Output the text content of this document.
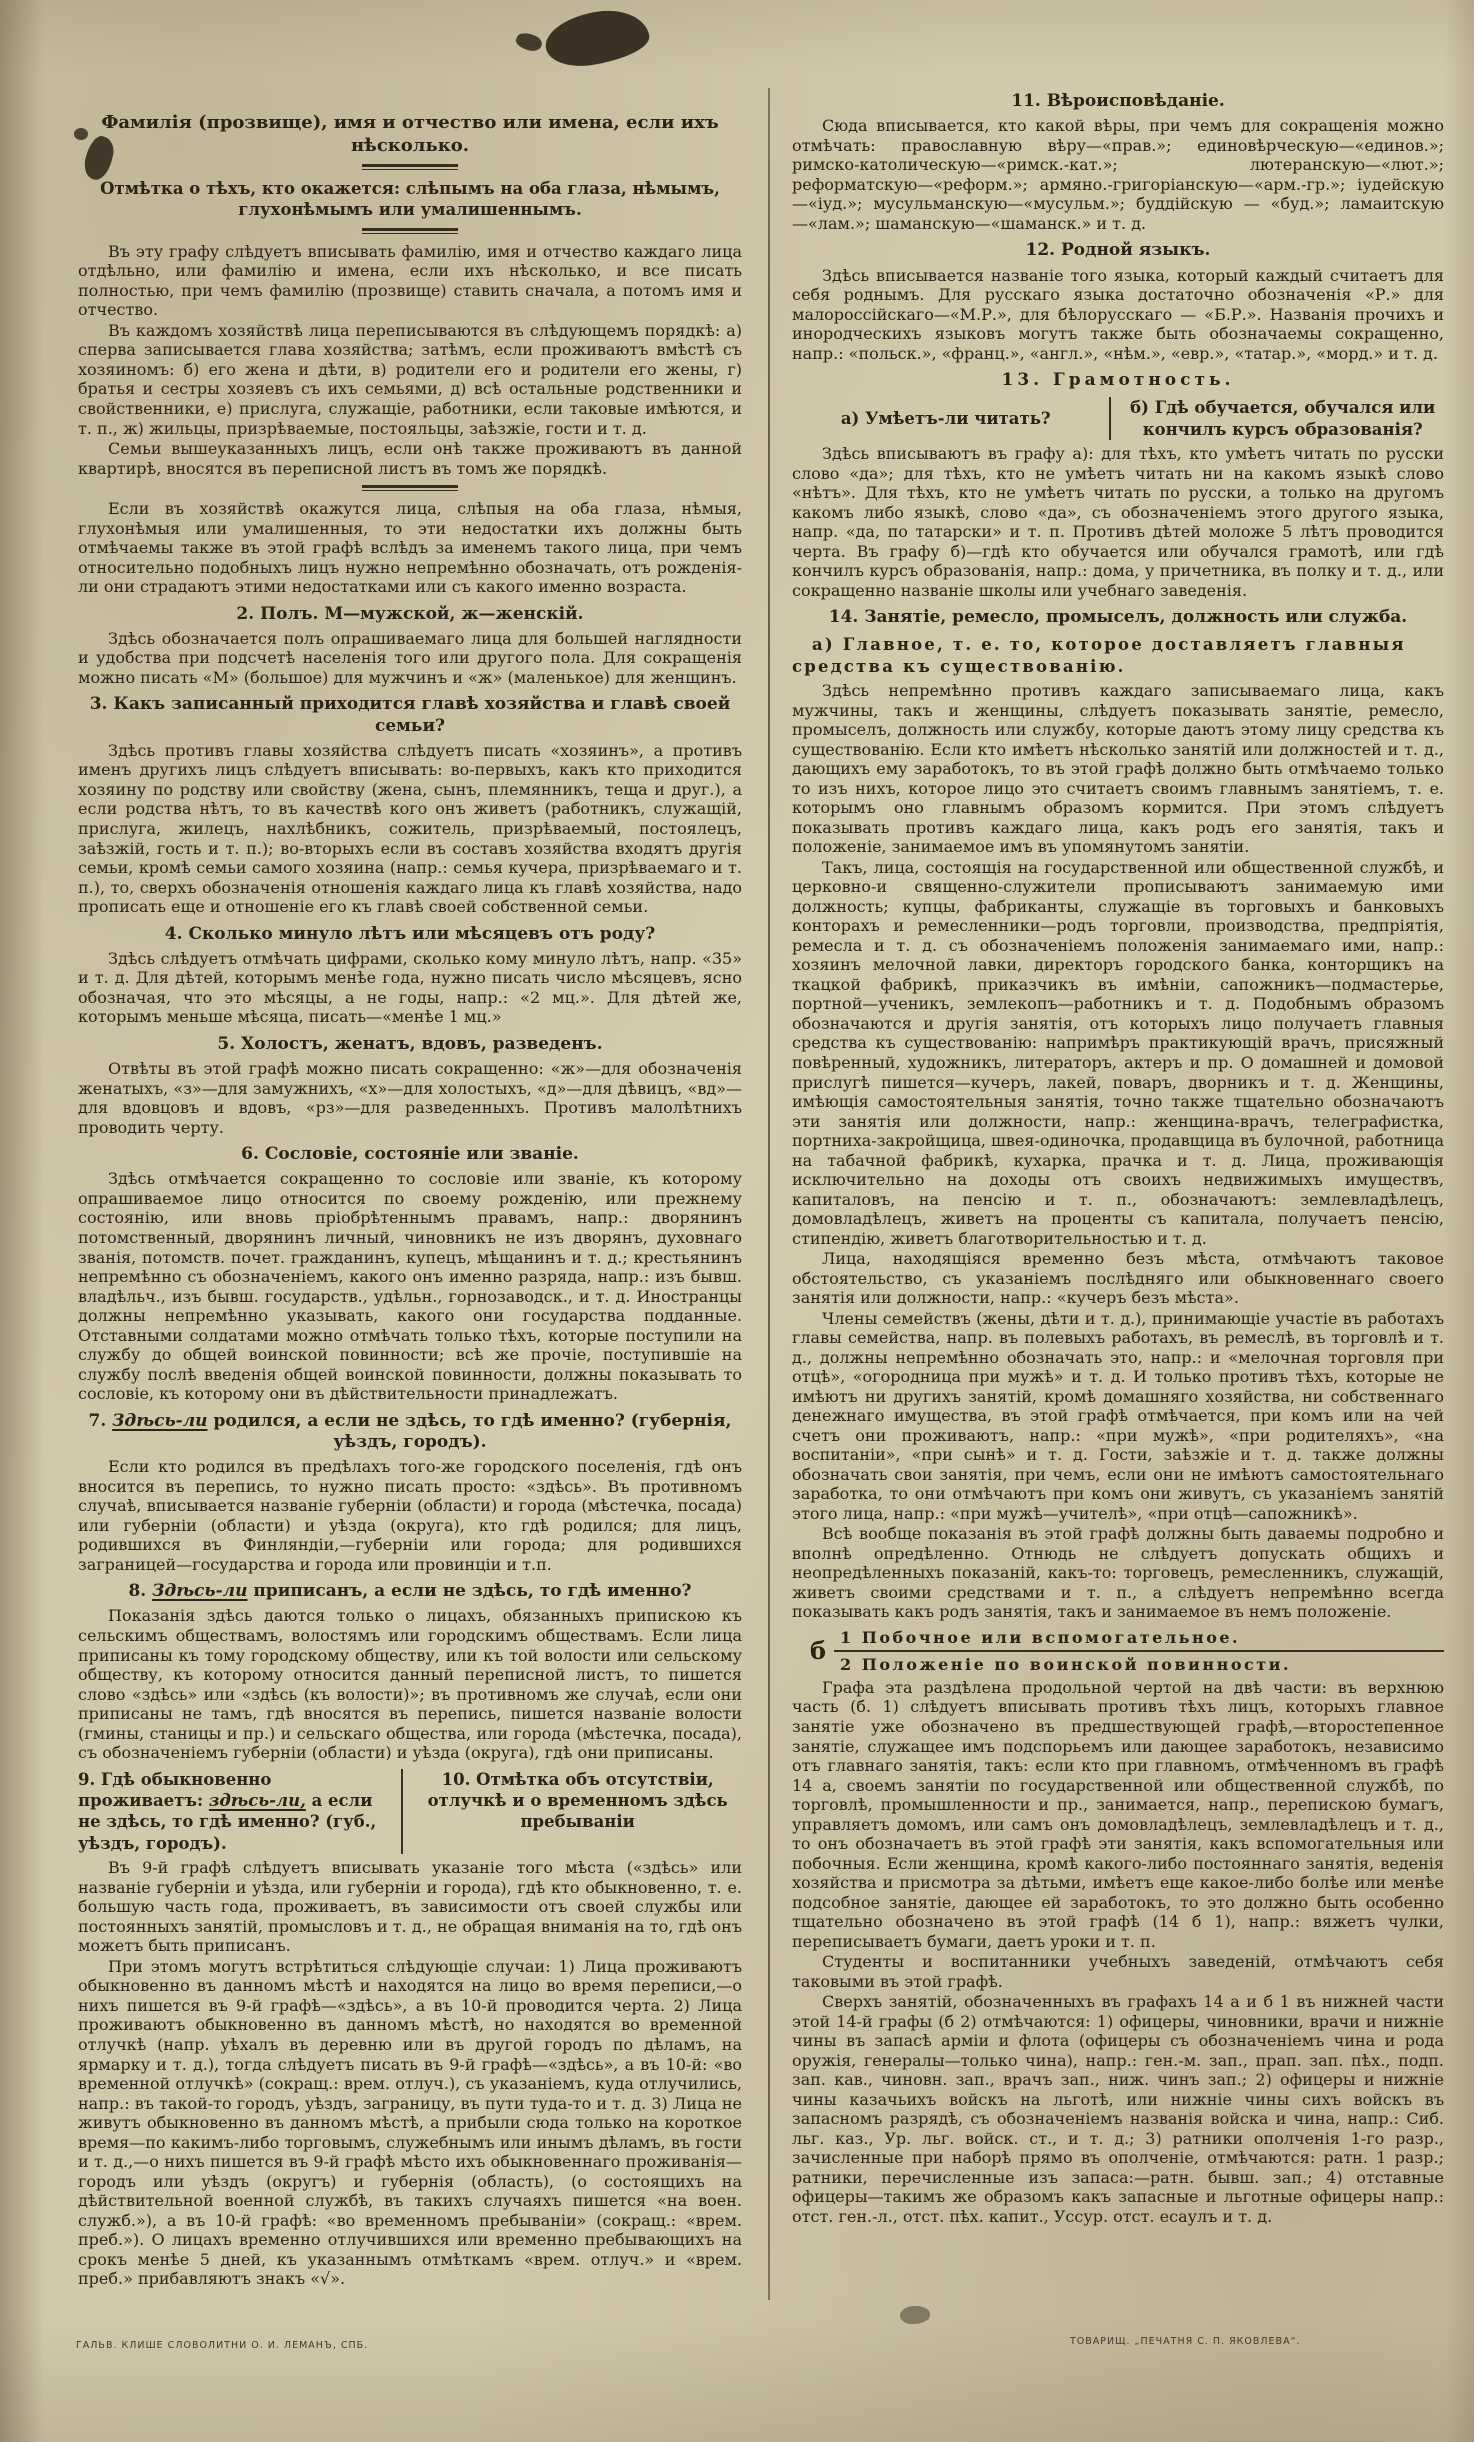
Фамилія (прозвище), имя и отчество или имена, если ихъ нѣсколько.
Отмѣтка о тѣхъ, кто окажется: слѣпымъ на оба глаза, нѣмымъ, глухонѣмымъ или умалишеннымъ.

Въ эту графу слѣдуетъ вписывать фамилію, имя и отчество каждаго лица отдѣльно, или фамилію и имена, если ихъ нѣсколько, и все писать полностью, при чемъ фамилію (прозвище) ставить сначала, а потомъ имя и отчество.

Въ каждомъ хозяйствѣ лица переписываются въ слѣдующемъ порядкѣ: а) сперва записывается глава хозяйства; затѣмъ, если проживаютъ вмѣстѣ съ хозяиномъ: б) его жена и дѣти, в) родители его и родители его жены, г) братья и сестры хозяевъ съ ихъ семьями, д) всѣ остальные родственники и свойственники, е) прислуга, служащіе, работники, если таковые имѣются, и т. п., ж) жильцы, призрѣваемые, постояльцы, заѣзжіе, гости и т. д.

Семьи вышеуказанныхъ лицъ, если онѣ также проживаютъ въ данной квартирѣ, вносятся въ переписной листъ въ томъ же порядкѣ.

Если въ хозяйствѣ окажутся лица, слѣпыя на оба глаза, нѣмыя, глухонѣмыя или умалишенныя, то эти недостатки ихъ должны быть отмѣчаемы также въ этой графѣ вслѣдъ за именемъ такого лица, при чемъ относительно подобныхъ лицъ нужно непремѣнно обозначать, отъ рожденія-ли они страдаютъ этими недостатками или съ какого именно возраста.

2. Полъ. М—мужской, ж—женскій.

Здѣсь обозначается полъ опрашиваемаго лица для большей наглядности и удобства при подсчетѣ населенія того или другого пола. Для сокращенія можно писать «М» (большое) для мужчинъ и «ж» (маленькое) для женщинъ.

3. Какъ записанный приходится главѣ хозяйства и главѣ своей семьи?

Здѣсь противъ главы хозяйства слѣдуетъ писать «хозяинъ», а противъ именъ другихъ лицъ слѣдуетъ вписывать: во-первыхъ, какъ кто приходится хозяину по родству или свойству (жена, сынъ, племянникъ, теща и друг.), а если родства нѣтъ, то въ качествѣ кого онъ живетъ (работникъ, служащій, прислуга, жилецъ, нахлѣбникъ, сожитель, призрѣваемый, постоялецъ, заѣзжій, гость и т. п.); во-вторыхъ если въ составъ хозяйства входятъ другія семьи, кромѣ семьи самого хозяина (напр.: семья кучера, призрѣваемаго и т. п.), то, сверхъ обозначенія отношенія каждаго лица къ главѣ хозяйства, надо прописать еще и отношеніе его къ главѣ своей собственной семьи.

4. Сколько минуло лѣтъ или мѣсяцевъ отъ роду?

Здѣсь слѣдуетъ отмѣчать цифрами, сколько кому минуло лѣтъ, напр. «35» и т. д. Для дѣтей, которымъ менѣе года, нужно писать число мѣсяцевъ, ясно обозначая, что это мѣсяцы, а не годы, напр.: «2 мц.». Для дѣтей же, которымъ меньше мѣсяца, писать—«менѣе 1 мц.»

5. Холостъ, женатъ, вдовъ, разведенъ.

Отвѣты въ этой графѣ можно писать сокращенно: «ж»—для обозначенія женатыхъ, «з»—для замужнихъ, «х»—для холостыхъ, «д»—для дѣвицъ, «вд»—для вдовцовъ и вдовъ, «рз»—для разведенныхъ. Противъ малолѣтнихъ проводить черту.

6. Сословіе, состояніе или званіе.

Здѣсь отмѣчается сокращенно то сословіе или званіе, къ которому опрашиваемое лицо относится по своему рожденію, или прежнему состоянію, или вновь пріобрѣтеннымъ правамъ, напр.: дворянинъ потомственный, дворянинъ личный, чиновникъ не изъ дворянъ, духовнаго званія, потомств. почет. гражданинъ, купецъ, мѣщанинъ и т. д.; крестьянинъ непремѣнно съ обозначеніемъ, какого онъ именно разряда, напр.: изъ бывш. владѣльч., изъ бывш. государств., удѣльн., горнозаводск., и т. д. Иностранцы должны непремѣнно указывать, какого они государства подданные. Отставными солдатами можно отмѣчать только тѣхъ, которые поступили на службу до общей воинской повинности; всѣ же прочіе, поступившіе на службу послѣ введенія общей воинской повинности, должны показывать то сословіе, къ которому они въ дѣйствительности принадлежатъ.

7. Здѣсь-ли родился, а если не здѣсь, то гдѣ именно? (губернія, уѣздъ, городъ).

Если кто родился въ предѣлахъ того-же городского поселенія, гдѣ онъ вносится въ перепись, то нужно писать просто: «здѣсь». Въ противномъ случаѣ, вписывается названіе губерніи (области) и города (мѣстечка, посада) или губерніи (области) и уѣзда (округа), кто гдѣ родился; для лицъ, родившихся въ Финляндіи,—губерніи или города; для родившихся заграницей—государства и города или провинціи и т.п.

8. Здѣсь-ли приписанъ, а если не здѣсь, то гдѣ именно?

Показанія здѣсь даются только о лицахъ, обязанныхъ припискою къ сельскимъ обществамъ, волостямъ или городскимъ обществамъ. Если лица приписаны къ тому городскому обществу, или къ той волости или сельскому обществу, къ которому относится данный переписной листъ, то пишется слово «здѣсь» или «здѣсь (къ волости)»; въ противномъ же случаѣ, если они приписаны не тамъ, гдѣ вносятся въ перепись, пишется названіе волости (гмины, станицы и пр.) и сельскаго общества, или города (мѣстечка, посада), съ обозначеніемъ губерніи (области) и уѣзда (округа), гдѣ они приписаны.

9. Гдѣ обыкновенно проживаетъ: здѣсь-ли, а если не здѣсь, то гдѣ именно? (губ., уѣздъ, городъ).
10. Отмѣтка объ отсутствіи, отлучкѣ и о временномъ здѣсь пребываніи

Въ 9-й графѣ слѣдуетъ вписывать указаніе того мѣста («здѣсь» или названіе губерніи и уѣзда, или губерніи и города), гдѣ кто обыкновенно, т. е. большую часть года, проживаетъ, въ зависимости отъ своей службы или постоянныхъ занятій, промысловъ и т. д., не обращая вниманія на то, гдѣ онъ можетъ быть приписанъ.

При этомъ могутъ встрѣтиться слѣдующіе случаи: 1) Лица проживаютъ обыкновенно въ данномъ мѣстѣ и находятся на лицо во время переписи,—о нихъ пишется въ 9-й графѣ—«здѣсь», а въ 10-й проводится черта. 2) Лица проживаютъ обыкновенно въ данномъ мѣстѣ, но находятся во временной отлучкѣ (напр. уѣхалъ въ деревню или въ другой городъ по дѣламъ, на ярмарку и т. д.), тогда слѣдуетъ писать въ 9-й графѣ—«здѣсь», а въ 10-й: «во временной отлучкѣ» (сокращ.: врем. отлуч.), съ указаніемъ, куда отлучились, напр.: въ такой-то городъ, уѣздъ, заграницу, въ пути туда-то и т. д. 3) Лица не живутъ обыкновенно въ данномъ мѣстѣ, а прибыли сюда только на короткое время—по какимъ-либо торговымъ, служебнымъ или инымъ дѣламъ, въ гости и т. д.,—о нихъ пишется въ 9-й графѣ мѣсто ихъ обыкновеннаго проживанія—городъ или уѣздъ (округъ) и губернія (область), (о состоящихъ на дѣйствительной военной службѣ, въ такихъ случаяхъ пишется «на воен. служб.»), а въ 10-й графѣ: «во временномъ пребываніи» (сокращ.: «врем. преб.»). О лицахъ временно отлучившихся или временно пребывающихъ на срокъ менѣе 5 дней, къ указаннымъ отмѣткамъ «врем. отлуч.» и «врем. преб.» прибавляютъ знакъ «√».

11. Вѣроисповѣданіе.

Сюда вписывается, кто какой вѣры, при чемъ для сокращенія можно отмѣчать: православную вѣру—«прав.»; единовѣрческую—«единов.»; римско-католическую—«римск.-кат.»; лютеранскую—«лют.»; реформатскую—«реформ.»; армяно.-григоріанскую—«арм.-гр.»; іудейскую—«іуд.»; мусульманскую—«мусульм.»; буддійскую — «буд.»; ламаитскую—«лам.»; шаманскую—«шаманск.» и т. д.

12. Родной языкъ.

Здѣсь вписывается названіе того языка, который каждый считаетъ для себя роднымъ. Для русскаго языка достаточно обозначенія «Р.» для малороссійскаго—«М.Р.», для бѣлорусскаго — «Б.Р.». Названія прочихъ и инородческихъ языковъ могутъ также быть обозначаемы сокращенно, напр.: «польск.», «франц.», «англ.», «нѣм.», «евр.», «татар.», «морд.» и т. д.

13. Грамотность.
а) Умѣетъ-ли читать?
б) Гдѣ обучается, обучался или кончилъ курсъ образованія?

Здѣсь вписываютъ въ графу а): для тѣхъ, кто умѣетъ читать по русски слово «да»; для тѣхъ, кто не умѣетъ читать ни на какомъ языкѣ слово «нѣтъ». Для тѣхъ, кто не умѣетъ читать по русски, а только на другомъ какомъ либо языкѣ, слово «да», съ обозначеніемъ этого другого языка, напр. «да, по татарски» и т. п. Противъ дѣтей моложе 5 лѣтъ проводится черта. Въ графу б)—гдѣ кто обучается или обучался грамотѣ, или гдѣ кончилъ курсъ образованія, напр.: дома, у причетника, въ полку и т. д., или сокращенно названіе школы или учебнаго заведенія.

14. Занятіе, ремесло, промыселъ, должность или служба.
а) Главное, т. е. то, которое доставляетъ главныя средства къ существованію.

Здѣсь непремѣнно противъ каждаго записываемаго лица, какъ мужчины, такъ и женщины, слѣдуетъ показывать занятіе, ремесло, промыселъ, должность или службу, которые даютъ этому лицу средства къ существованію. Если кто имѣетъ нѣсколько занятій или должностей и т. д., дающихъ ему заработокъ, то въ этой графѣ должно быть отмѣчаемо только то изъ нихъ, которое лицо это считаетъ своимъ главнымъ занятіемъ, т. е. которымъ оно главнымъ образомъ кормится. При этомъ слѣдуетъ показывать противъ каждаго лица, какъ родъ его занятія, такъ и положеніе, занимаемое имъ въ упомянутомъ занятіи.

Такъ, лица, состоящія на государственной или общественной службѣ, и церковно-и священно-служители прописываютъ занимаемую ими должность; купцы, фабриканты, служащіе въ торговыхъ и банковыхъ конторахъ и ремесленники—родъ торговли, производства, предпріятія, ремесла и т. д. съ обозначеніемъ положенія занимаемаго ими, напр.: хозяинъ мелочной лавки, директоръ городского банка, конторщикъ на ткацкой фабрикѣ, приказчикъ въ имѣніи, сапожникъ—подмастерье, портной—ученикъ, землекопъ—работникъ и т. д. Подобнымъ образомъ обозначаются и другія занятія, отъ которыхъ лицо получаетъ главныя средства къ существованію: напримѣръ практикующій врачъ, присяжный повѣренный, художникъ, литераторъ, актеръ и пр. О домашней и домовой прислугѣ пишется—кучеръ, лакей, поваръ, дворникъ и т. д. Женщины, имѣющія самостоятельныя занятія, точно также тщательно обозначаютъ эти занятія или должности, напр.: женщина-врачъ, телеграфистка, портниха-закройщица, швея-одиночка, продавщица въ булочной, работница на табачной фабрикѣ, кухарка, прачка и т. д. Лица, проживающія исключительно на доходы отъ своихъ недвижимыхъ имуществъ, капиталовъ, на пенсію и т. п., обозначаютъ: землевладѣлецъ, домовладѣлецъ, живетъ на проценты съ капитала, получаетъ пенсію, стипендію, живетъ благотворительностью и т. д.

Лица, находящіяся временно безъ мѣста, отмѣчаютъ таковое обстоятельство, съ указаніемъ послѣдняго или обыкновеннаго своего занятія или должности, напр.: «кучеръ безъ мѣста».

Члены семействъ (жены, дѣти и т. д.), принимающіе участіе въ работахъ главы семейства, напр. въ полевыхъ работахъ, въ ремеслѣ, въ торговлѣ и т. д., должны непремѣнно обозначать это, напр.: и «мелочная торговля при отцѣ», «огородница при мужѣ» и т. д. И только противъ тѣхъ, которые не имѣютъ ни другихъ занятій, кромѣ домашняго хозяйства, ни собственнаго денежнаго имущества, въ этой графѣ отмѣчается, при комъ или на чей счетъ они проживаютъ, напр.: «при мужѣ», «при родителяхъ», «на воспитаніи», «при сынѣ» и т. д. Гости, заѣзжіе и т. д. также должны обозначать свои занятія, при чемъ, если они не имѣютъ самостоятельнаго заработка, то они отмѣчаютъ при комъ они живутъ, съ указаніемъ занятій этого лица, напр.: «при мужѣ—учителѣ», «при отцѣ—сапожникѣ».

Всѣ вообще показанія въ этой графѣ должны быть даваемы подробно и вполнѣ опредѣленно. Отнюдь не слѣдуетъ допускать общихъ и неопредѣленныхъ показаній, какъ-то: торговецъ, ремесленникъ, служащій, живетъ своими средствами и т. п., а слѣдуетъ непремѣнно всегда показывать какъ родъ занятія, такъ и занимаемое въ немъ положеніе.

б 1 Побочное или вспомогательное.
2 Положеніе по воинской повинности.

Графа эта раздѣлена продольной чертой на двѣ части: въ верхнюю часть (б. 1) слѣдуетъ вписывать противъ тѣхъ лицъ, которыхъ главное занятіе уже обозначено въ предшествующей графѣ,—второстепенное занятіе, служащее имъ подспорьемъ или дающее заработокъ, независимо отъ главнаго занятія, такъ: если кто при главномъ, отмѣченномъ въ графѣ 14 а, своемъ занятіи по государственной или общественной службѣ, по торговлѣ, промышленности и пр., занимается, напр., перепискою бумагъ, управляетъ домомъ, или самъ онъ домовладѣлецъ, землевладѣлецъ и т. д., то онъ обозначаетъ въ этой графѣ эти занятія, какъ вспомогательныя или побочныя. Если женщина, кромѣ какого-либо постояннаго занятія, веденія хозяйства и присмотра за дѣтьми, имѣетъ еще какое-либо болѣе или менѣе подсобное занятіе, дающее ей заработокъ, то это должно быть особенно тщательно обозначено въ этой графѣ (14 б 1), напр.: вяжетъ чулки, переписываетъ бумаги, даетъ уроки и т. п.

Студенты и воспитанники учебныхъ заведеній, отмѣчаютъ себя таковыми въ этой графѣ.

Сверхъ занятій, обозначенныхъ въ графахъ 14 а и б 1 въ нижней части этой 14-й графы (б 2) отмѣчаются: 1) офицеры, чиновники, врачи и нижніе чины въ запасѣ арміи и флота (офицеры съ обозначеніемъ чина и рода оружія, генералы—только чина), напр.: ген.-м. зап., прап. зап. пѣх., подп. зап. кав., чиновн. зап., врачъ зап., ниж. чинъ зап.; 2) офицеры и нижніе чины казачьихъ войскъ на льготѣ, или нижніе чины сихъ войскъ въ запасномъ разрядѣ, съ обозначеніемъ названія войска и чина, напр.: Сиб. льг. каз., Ур. льг. войск. ст., и т. д.; 3) ратники ополченія 1-го разр., зачисленные при наборѣ прямо въ ополченіе, отмѣчаются: ратн. 1 разр.; ратники, перечисленные изъ запаса:—ратн. бывш. зап.; 4) отставные офицеры—такимъ же образомъ какъ запасные и льготные офицеры напр.: отст. ген.-л., отст. пѣх. капит., Уссур. отст. есаулъ и т. д.

ГАЛЬВ. КЛИШЕ СЛОВОЛИТНИ О. И. ЛЕМАНЪ, СПБ.	ТОВАРИЩ. „ПЕЧАТНЯ С. П. ЯКОВЛЕВА“.
